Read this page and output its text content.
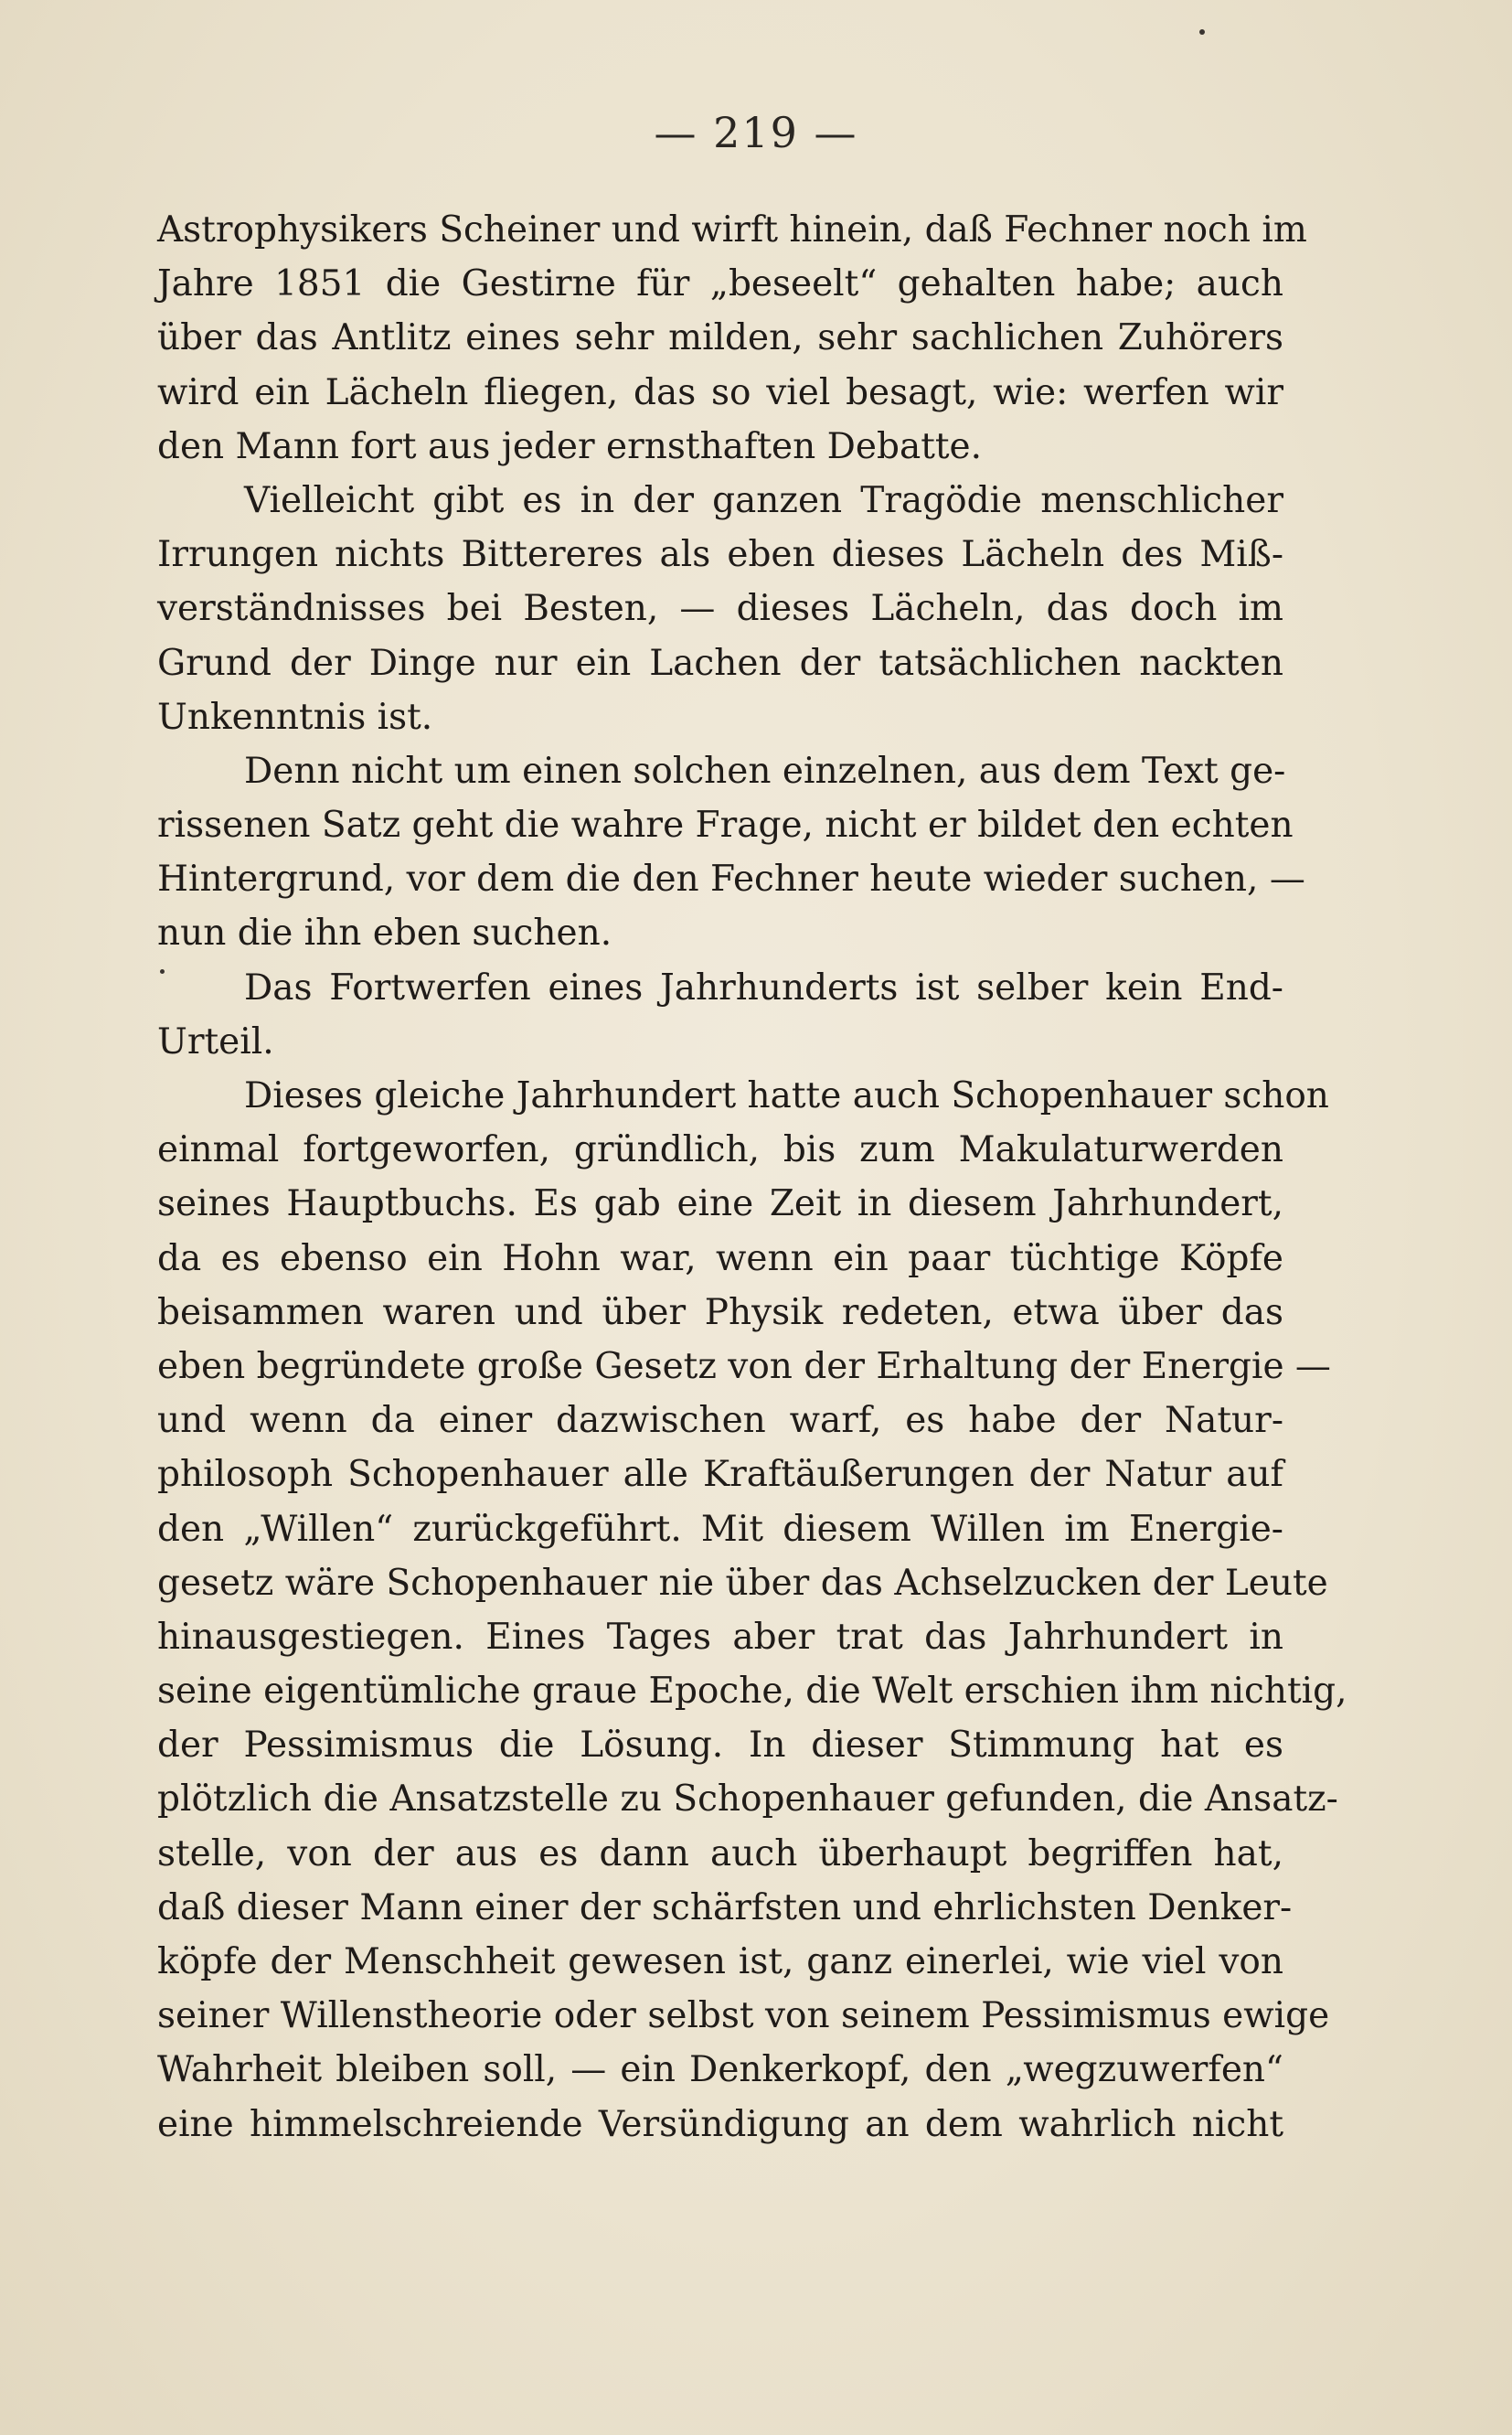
— 219 —
Astrophysikers Scheiner und wirft hinein, daß Fechner noch im
Jahre 1851 die Gestirne für „beseelt“ gehalten habe; auch
über das Antlitz eines sehr milden, sehr sachlichen Zuhörers
wird ein Lächeln fliegen, das so viel besagt, wie: werfen wir
den Mann fort aus jeder ernsthaften Debatte.
Vielleicht gibt es in der ganzen Tragödie menschlicher
Irrungen nichts Bittereres als eben dieses Lächeln des Miß-
verständnisses bei Besten, — dieses Lächeln, das doch im
Grund der Dinge nur ein Lachen der tatsächlichen nackten
Unkenntnis ist.
Denn nicht um einen solchen einzelnen, aus dem Text ge-
rissenen Satz geht die wahre Frage, nicht er bildet den echten
Hintergrund, vor dem die den Fechner heute wieder suchen, —
nun die ihn eben suchen.
Das Fortwerfen eines Jahrhunderts ist selber kein End-
Urteil.
Dieses gleiche Jahrhundert hatte auch Schopenhauer schon
einmal fortgeworfen, gründlich, bis zum Makulaturwerden
seines Hauptbuchs. Es gab eine Zeit in diesem Jahrhundert,
da es ebenso ein Hohn war, wenn ein paar tüchtige Köpfe
beisammen waren und über Physik redeten, etwa über das
eben begründete große Gesetz von der Erhaltung der Energie —
und wenn da einer dazwischen warf, es habe der Natur-
philosoph Schopenhauer alle Kraftäußerungen der Natur auf
den „Willen“ zurückgeführt. Mit diesem Willen im Energie-
gesetz wäre Schopenhauer nie über das Achselzucken der Leute
hinausgestiegen. Eines Tages aber trat das Jahrhundert in
seine eigentümliche graue Epoche, die Welt erschien ihm nichtig,
der Pessimismus die Lösung. In dieser Stimmung hat es
plötzlich die Ansatzstelle zu Schopenhauer gefunden, die Ansatz-
stelle, von der aus es dann auch überhaupt begriffen hat,
daß dieser Mann einer der schärfsten und ehrlichsten Denker-
köpfe der Menschheit gewesen ist, ganz einerlei, wie viel von
seiner Willenstheorie oder selbst von seinem Pessimismus ewige
Wahrheit bleiben soll, — ein Denkerkopf, den „wegzuwerfen“
eine himmelschreiende Versündigung an dem wahrlich nicht
